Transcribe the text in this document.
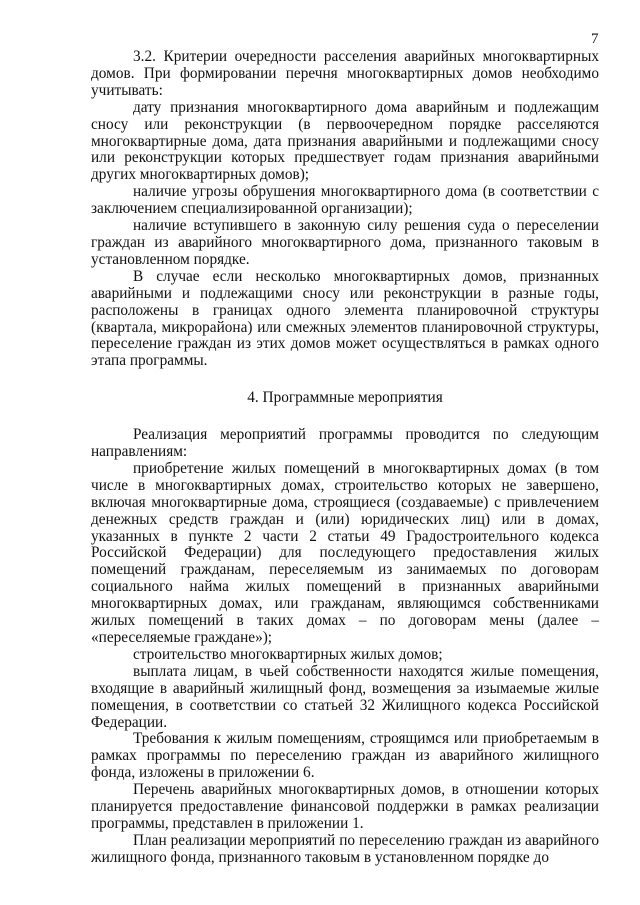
7

3.2. Критерии очередности расселения аварийных многоквартирных домов. При формировании перечня многоквартирных домов необходимо учитывать:

дату признания многоквартирного дома аварийным и подлежащим сносу или реконструкции (в первоочередном порядке расселяются многоквартирные дома, дата признания аварийными и подлежащими сносу или реконструкции которых предшествует годам признания аварийными других многоквартирных домов);

наличие угрозы обрушения многоквартирного дома (в соответствии с заключением специализированной организации);

наличие вступившего в законную силу решения суда о переселении граждан из аварийного многоквартирного дома, признанного таковым в установленном порядке.

В случае если несколько многоквартирных домов, признанных аварийными и подлежащими сносу или реконструкции в разные годы, расположены в границах одного элемента планировочной структуры (квартала, микрорайона) или смежных элементов планировочной структуры, переселение граждан из этих домов может осуществляться в рамках одного этапа программы.

4. Программные мероприятия

Реализация мероприятий программы проводится по следующим направлениям:

приобретение жилых помещений в многоквартирных домах (в том числе в многоквартирных домах, строительство которых не завершено, включая многоквартирные дома, строящиеся (создаваемые) с привлечением денежных средств граждан и (или) юридических лиц) или в домах, указанных в пункте 2 части 2 статьи 49 Градостроительного кодекса Российской Федерации) для последующего предоставления жилых помещений гражданам, переселяемым из занимаемых по договорам социального найма жилых помещений в признанных аварийными многоквартирных домах, или гражданам, являющимся собственниками жилых помещений в таких домах – по договорам мены (далее – «переселяемые граждане»);

строительство многоквартирных жилых домов;

выплата лицам, в чьей собственности находятся жилые помещения, входящие в аварийный жилищный фонд, возмещения за изымаемые жилые помещения, в соответствии со статьей 32 Жилищного кодекса Российской Федерации.

Требования к жилым помещениям, строящимся или приобретаемым в рамках программы по переселению граждан из аварийного жилищного фонда, изложены в приложении 6.

Перечень аварийных многоквартирных домов, в отношении которых планируется предоставление финансовой поддержки в рамках реализации программы, представлен в приложении 1.

План реализации мероприятий по переселению граждан из аварийного жилищного фонда, признанного таковым в установленном порядке до
